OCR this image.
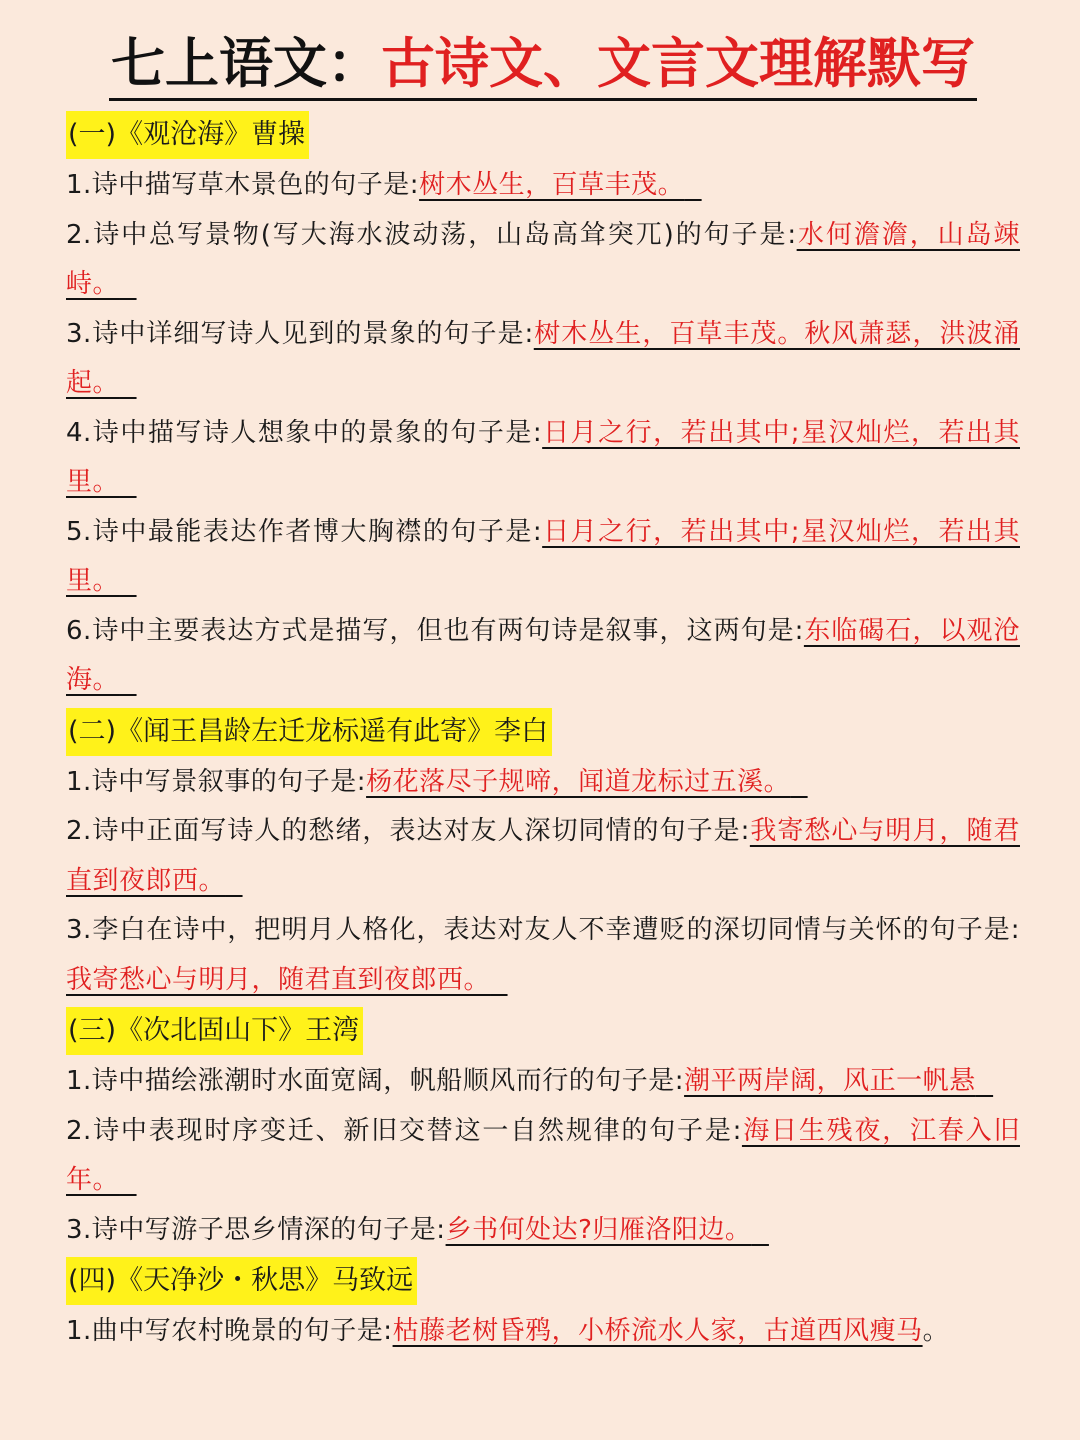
七上语文：古诗文、文言文理解默写
(一)《观沧海》曹操

1.诗中描写草木景色的句子是:树木丛生，百草丰茂。

2.诗中总写景物(写大海水波动荡，山岛高耸突兀)的句子是:水何澹澹，山岛竦峙。

3.诗中详细写诗人见到的景象的句子是:树木丛生，百草丰茂。秋风萧瑟，洪波涌起。

4.诗中描写诗人想象中的景象的句子是:日月之行，若出其中;星汉灿烂，若出其里。

5.诗中最能表达作者博大胸襟的句子是:日月之行，若出其中;星汉灿烂，若出其里。

6.诗中主要表达方式是描写，但也有两句诗是叙事，这两句是:东临碣石，以观沧海。

(二)《闻王昌龄左迁龙标遥有此寄》李白

1.诗中写景叙事的句子是:杨花落尽子规啼，闻道龙标过五溪。

2.诗中正面写诗人的愁绪，表达对友人深切同情的句子是:我寄愁心与明月，随君直到夜郎西。

3.李白在诗中，把明月人格化，表达对友人不幸遭贬的深切同情与关怀的句子是:我寄愁心与明月，随君直到夜郎西。

(三)《次北固山下》王湾

1.诗中描绘涨潮时水面宽阔，帆船顺风而行的句子是:潮平两岸阔，风正一帆悬

2.诗中表现时序变迁、新旧交替这一自然规律的句子是:海日生残夜，江春入旧年。

3.诗中写游子思乡情深的句子是:乡书何处达?归雁洛阳边。

(四)《天净沙・秋思》马致远

1.曲中写农村晚景的句子是:枯藤老树昏鸦，小桥流水人家，古道西风瘦马。
